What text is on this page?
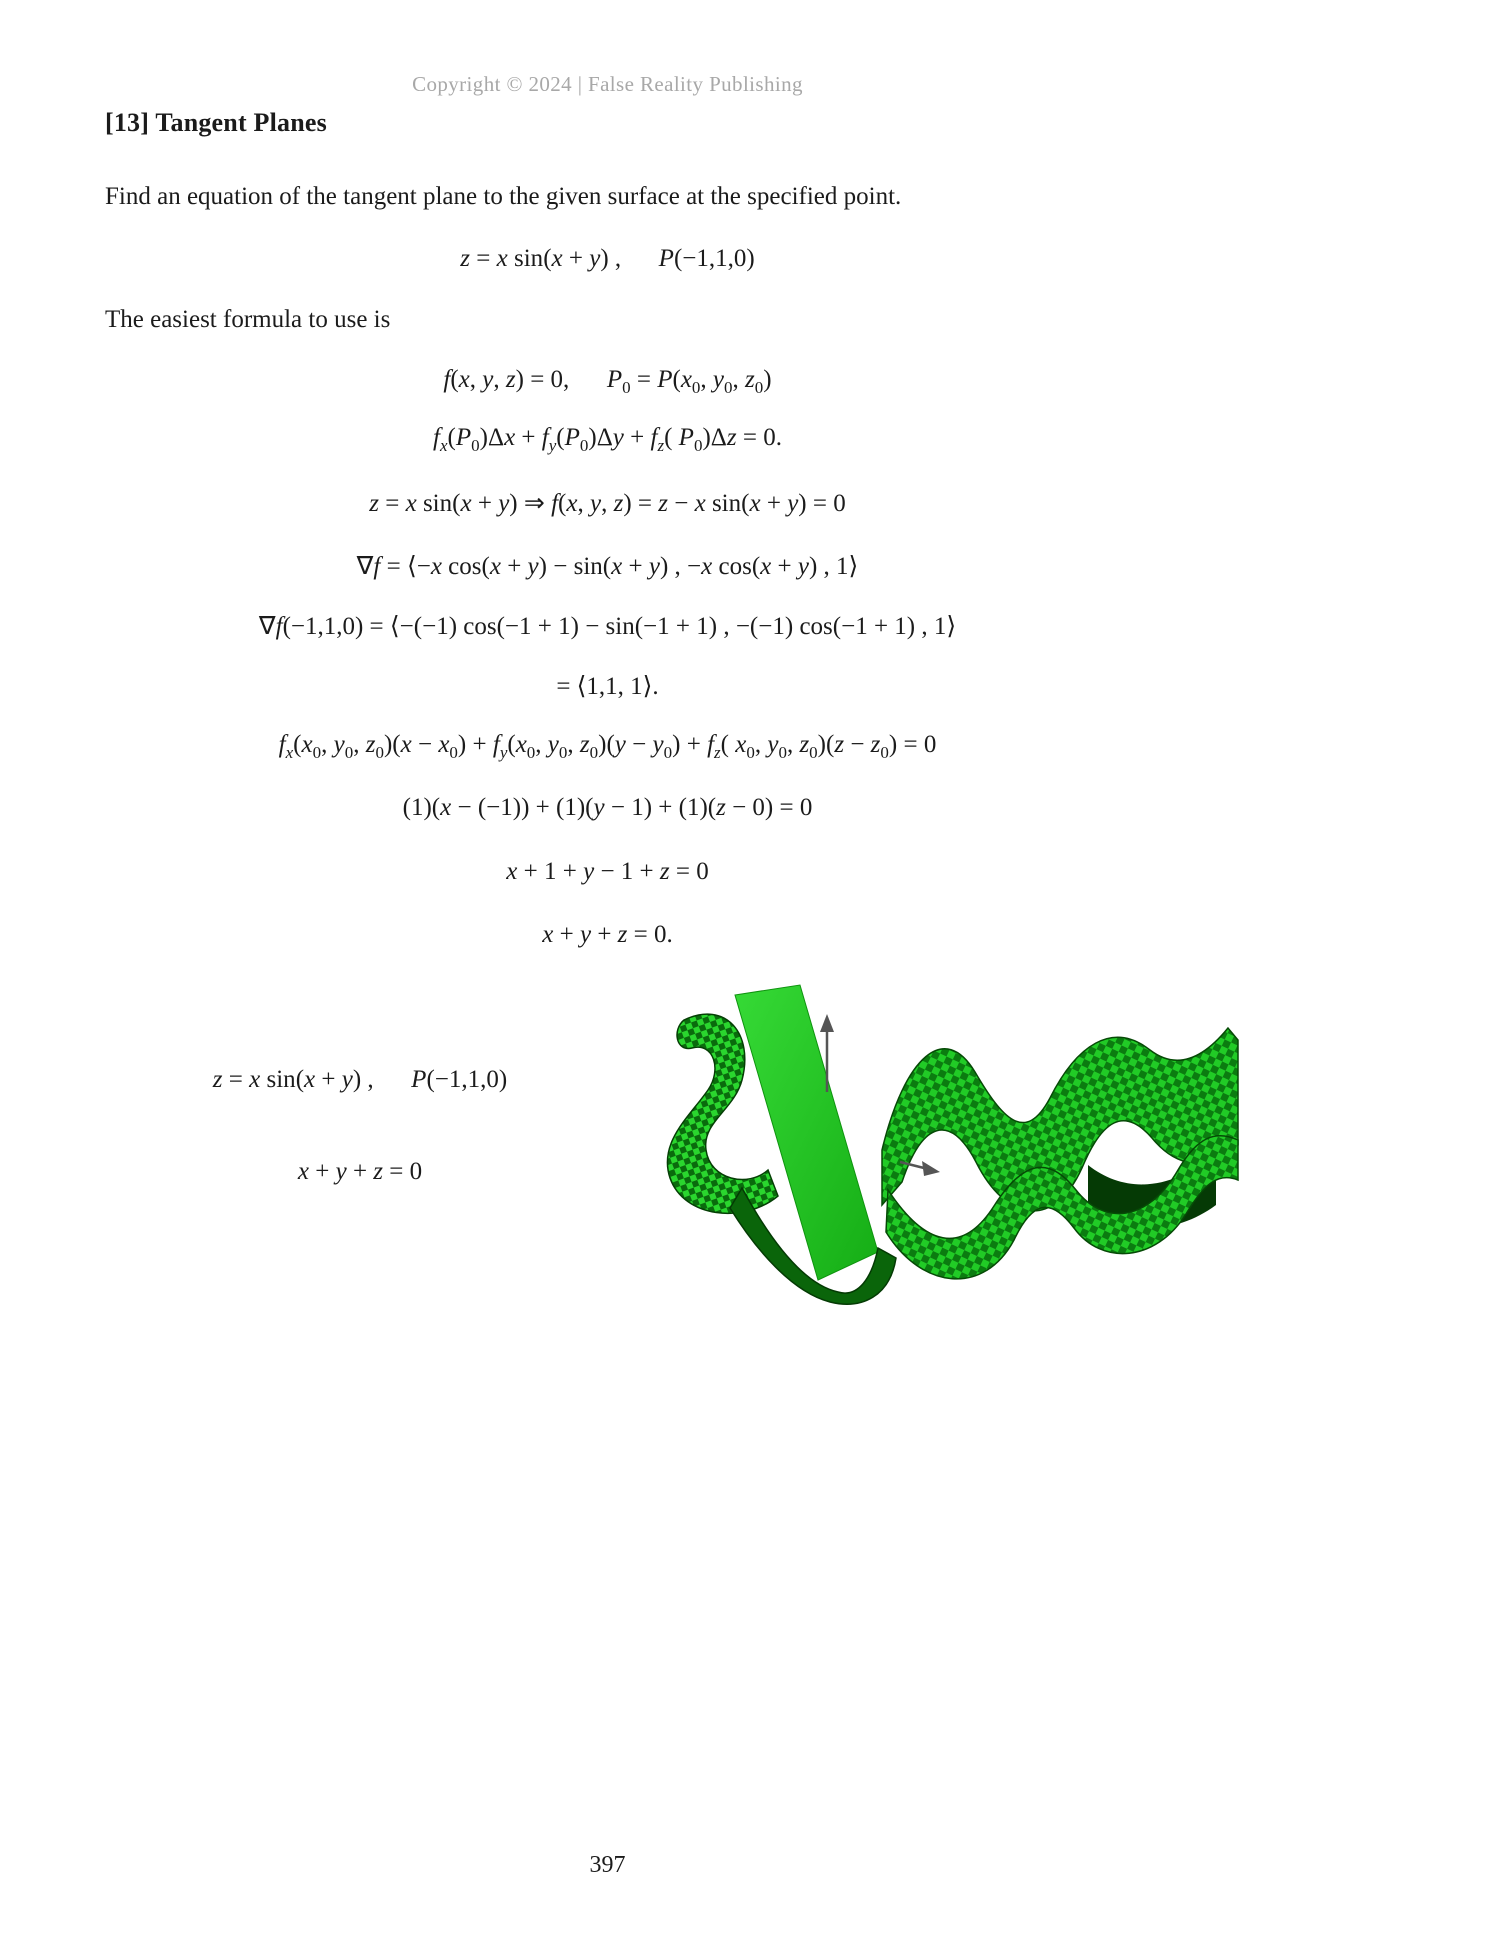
Copyright © 2024 | False Reality Publishing
[13] Tangent Planes
Find an equation of the tangent plane to the given surface at the specified point.
z = x sin(x + y) ,  P(−1,1,0)
The easiest formula to use is
f(x, y, z) = 0,  $P_0 = P(x_0$, $y_0$, $z_0$)
$f_x(P_0)\Delta x + f_y(P_0)\Delta y + f_z$( $P_0)\Delta z = 0$.
z = x sin(x + y) ⇒ f(x, y, z) = z − x sin(x + y) = 0
∇f = ⟨−x cos(x + y) − sin(x + y) , −x cos(x + y) , 1⟩
∇f(−1,1,0) = ⟨−(−1) cos(−1 + 1) − sin(−1 + 1) , −(−1) cos(−1 + 1) , 1⟩
= ⟨1,1, 1⟩.
$f_x(x_0$, $y_0$, $z_0)(x - x_0) + f_y(x_0$, $y_0$, $z_0)(y - y_0) + f_z$( $x_0$, $y_0$, $z_0)(z - z_0) = 0$
(1)(x − (−1)) + (1)(y − 1) + (1)(z − 0) = 0
x + 1 + y − 1 + z = 0
x + y + z = 0.
z = x sin(x + y) ,  P(−1,1,0)
x + y + z = 0
397
